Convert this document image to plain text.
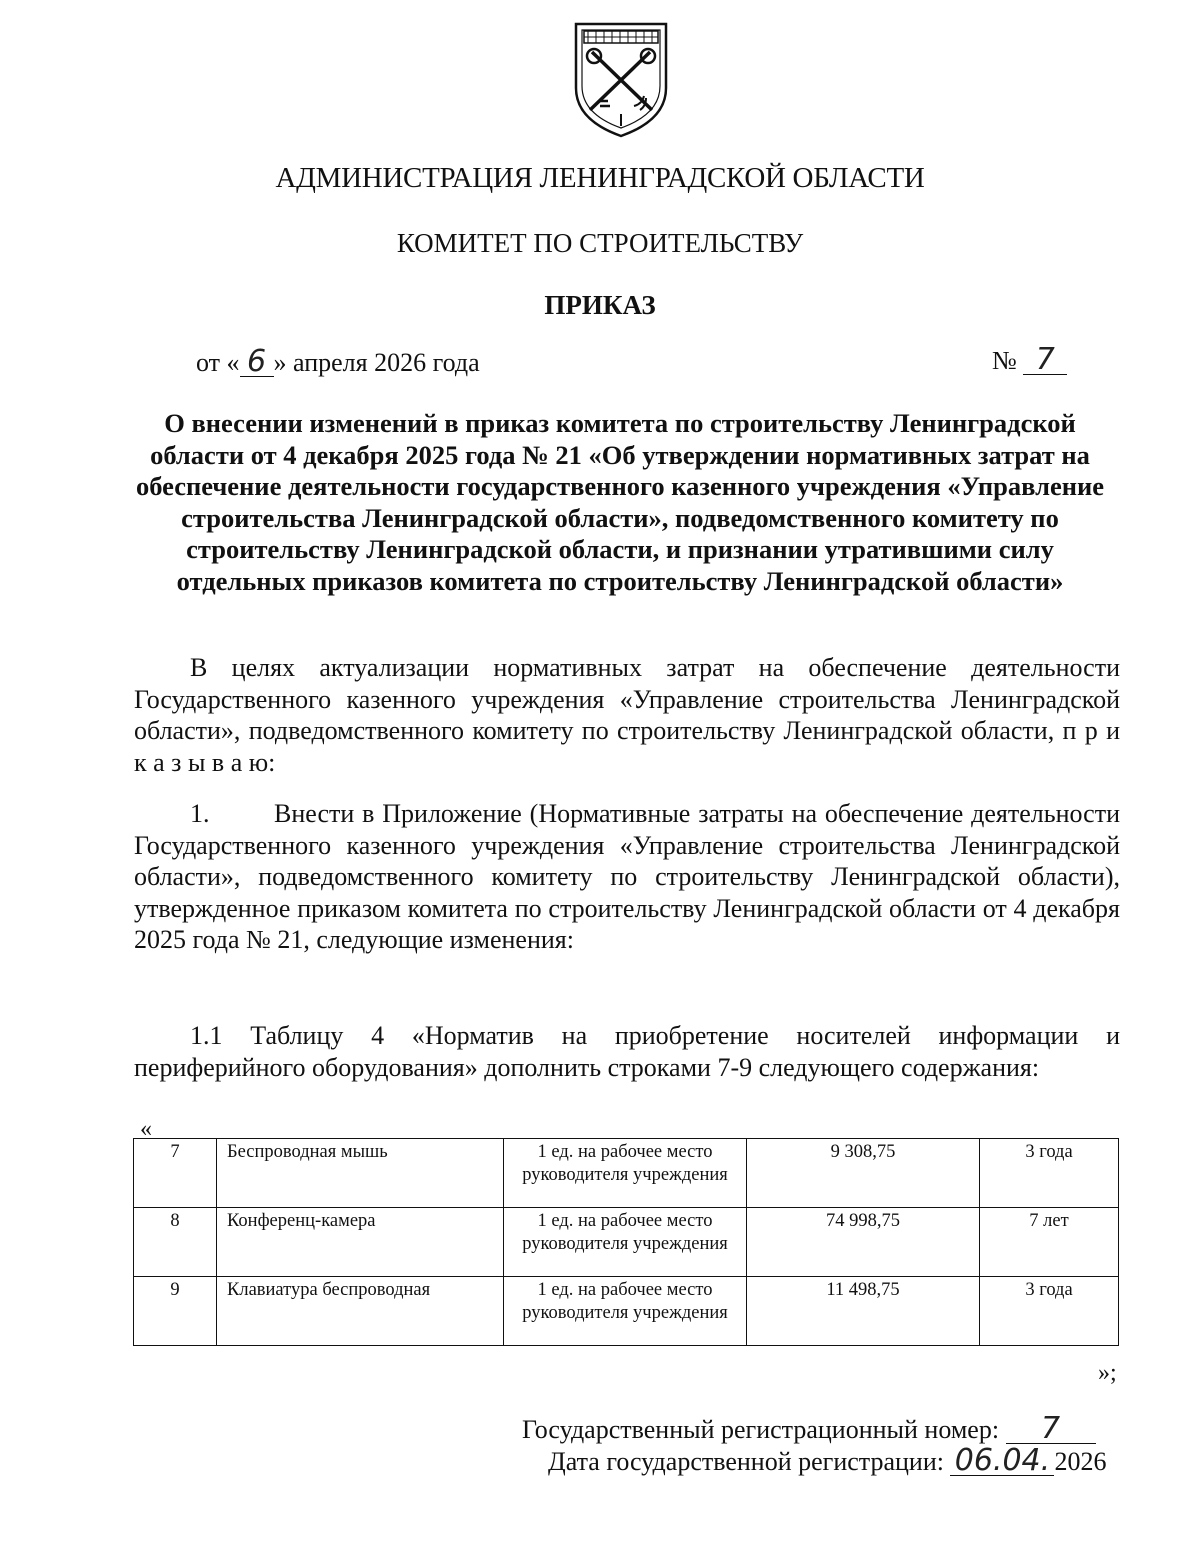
АДМИНИСТРАЦИЯ ЛЕНИНГРАДСКОЙ ОБЛАСТИ
КОМИТЕТ ПО СТРОИТЕЛЬСТВУ
ПРИКАЗ
от « 6 » апреля 2026 года	№ 7
О внесении изменений в приказ комитета по строительству Ленинградской области от 4 декабря 2025 года № 21 «Об утверждении нормативных затрат на обеспечение деятельности государственного казенного учреждения «Управление строительства Ленинградской области», подведомственного комитету по строительству Ленинградской области, и признании утратившими силу отдельных приказов комитета по строительству Ленинградской области»
В целях актуализации нормативных затрат на обеспечение деятельности Государственного казенного учреждения «Управление строительства Ленинградской области», подведомственного комитету по строительству Ленинградской области, п р и к а з ы в а ю:
1. Внести в Приложение (Нормативные затраты на обеспечение деятельности Государственного казенного учреждения «Управление строительства Ленинградской области», подведомственного комитету по строительству Ленинградской области), утвержденное приказом комитета по строительству Ленинградской области от 4 декабря 2025 года № 21, следующие изменения:
1.1 Таблицу 4 «Норматив на приобретение носителей информации и периферийного оборудования» дополнить строками 7-9 следующего содержания:
«
7	Беспроводная мышь	1 ед. на рабочее место руководителя учреждения	9 308,75	3 года
8	Конференц-камера	1 ед. на рабочее место руководителя учреждения	74 998,75	7 лет
9	Клавиатура беспроводная	1 ед. на рабочее место руководителя учреждения	11 498,75	3 года
»;
Государственный регистрационный номер: 7
Дата государственной регистрации: 06.04. 2026
